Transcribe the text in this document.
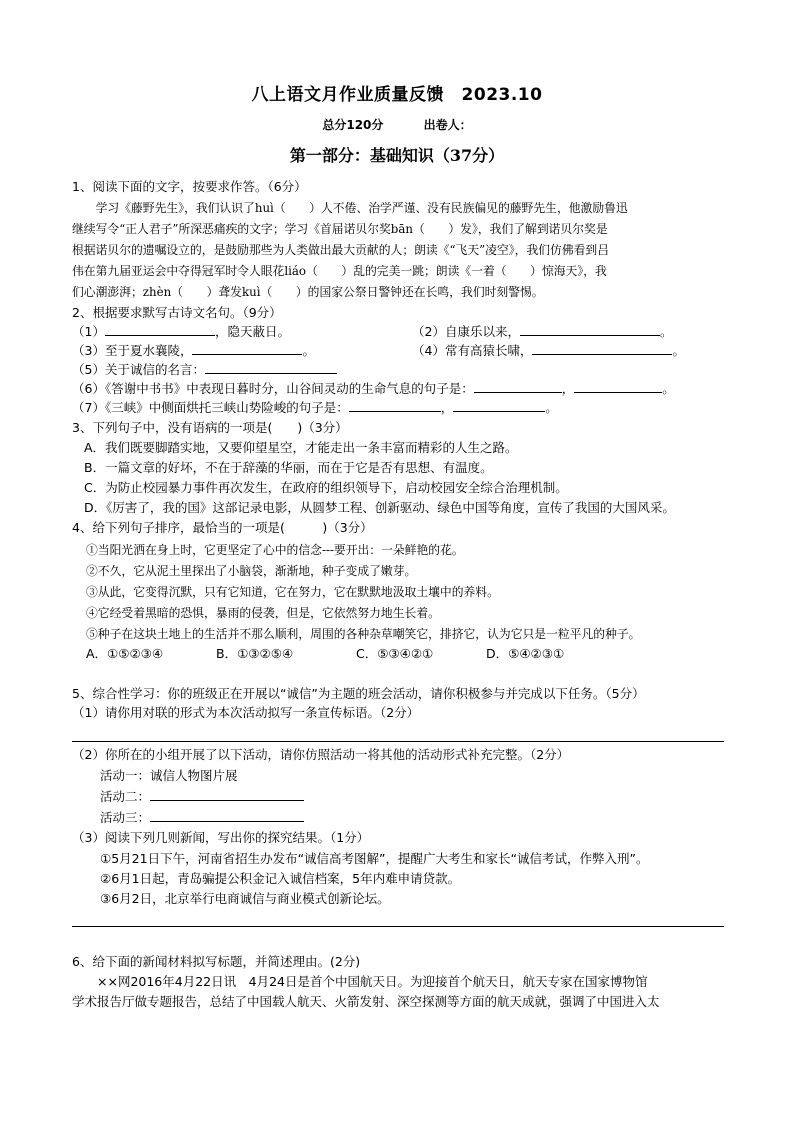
八上语文月作业质量反馈　2023.10
总分120分	出卷人：
第一部分：基础知识（37分）
1、阅读下面的文字，按要求作答。（6分）
　　学习《藤野先生》，我们认识了huì（　　）人不倦、治学严谨、没有民族偏见的藤野先生，他激励鲁迅
继续写令“正人君子”所深恶痛疾的文字；学习《首届诺贝尔奖bān（　　）发》，我们了解到诺贝尔奖是
根据诺贝尔的遗嘱设立的，是鼓励那些为人类做出最大贡献的人；朗读《“飞天”凌空》，我们仿佛看到吕
伟在第九届亚运会中夺得冠军时令人眼花liáo（　　）乱的完美一跳；朗读《一着（　　）惊海天》，我
们心潮澎湃；zhèn（　　）聋发kuì（　　）的国家公祭日警钟还在长鸣，我们时刻警惕。
2、根据要求默写古诗文名句。（9分）
（1）	，隐天蔽日。	（2）自康乐以来，	。
（3）至于夏水襄陵，	。	（4）常有高猿长啸，	。
（5）关于诚信的名言：
（6）《答谢中书书》中表现日暮时分，山谷间灵动的生命气息的句子是：	，	。
（7）《三峡》中侧面烘托三峡山势险峻的句子是：	，	。
3、下列句子中，没有语病的一项是(　　)（3分）
A．我们既要脚踏实地，又要仰望星空，才能走出一条丰富而精彩的人生之路。
B．一篇文章的好坏，不在于辞藻的华丽，而在于它是否有思想、有温度。
C．为防止校园暴力事件再次发生，在政府的组织领导下，启动校园安全综合治理机制。
D．《厉害了，我的国》这部记录电影，从圆梦工程、创新驱动、绿色中国等角度，宣传了我国的大国风采。
4、给下列句子排序，最恰当的一项是(　　　)（3分）
①当阳光洒在身上时，它更坚定了心中的信念---要开出：一朵鲜艳的花。
②不久，它从泥土里探出了小脑袋，渐渐地，种子变成了嫩芽。
③从此，它变得沉默，只有它知道，它在努力，它在默默地汲取土壤中的养料。
④它经受着黑暗的恐惧，暴雨的侵袭，但是，它依然努力地生长着。
⑤种子在这块土地上的生活并不那么顺利，周围的各种杂草嘲笑它，排挤它，认为它只是一粒平凡的种子。
A．①⑤②③④	B．①③②⑤④	C．⑤③④②①	D．⑤④②③①
5、综合性学习：你的班级正在开展以“诚信”为主题的班会活动，请你积极参与并完成以下任务。（5分）
（1）请你用对联的形式为本次活动拟写一条宣传标语。（2分）
（2）你所在的小组开展了以下活动，请你仿照活动一将其他的活动形式补充完整。（2分）
活动一：诚信人物图片展
活动二：
活动三：
（3）阅读下列几则新闻，写出你的探究结果。（1分）
①5月21日下午，河南省招生办发布“诚信高考图解”，提醒广大考生和家长“诚信考试，作弊入刑”。
②6月1日起，青岛骗提公积金记入诚信档案，5年内难申请贷款。
③6月2日，北京举行电商诚信与商业模式创新论坛。
6、给下面的新闻材料拟写标题，并简述理由。(2分)
　　××网2016年4月22日讯　4月24日是首个中国航天日。为迎接首个航天日，航天专家在国家博物馆
学术报告厅做专题报告，总结了中国载人航天、火箭发射、深空探测等方面的航天成就，强调了中国进入太
